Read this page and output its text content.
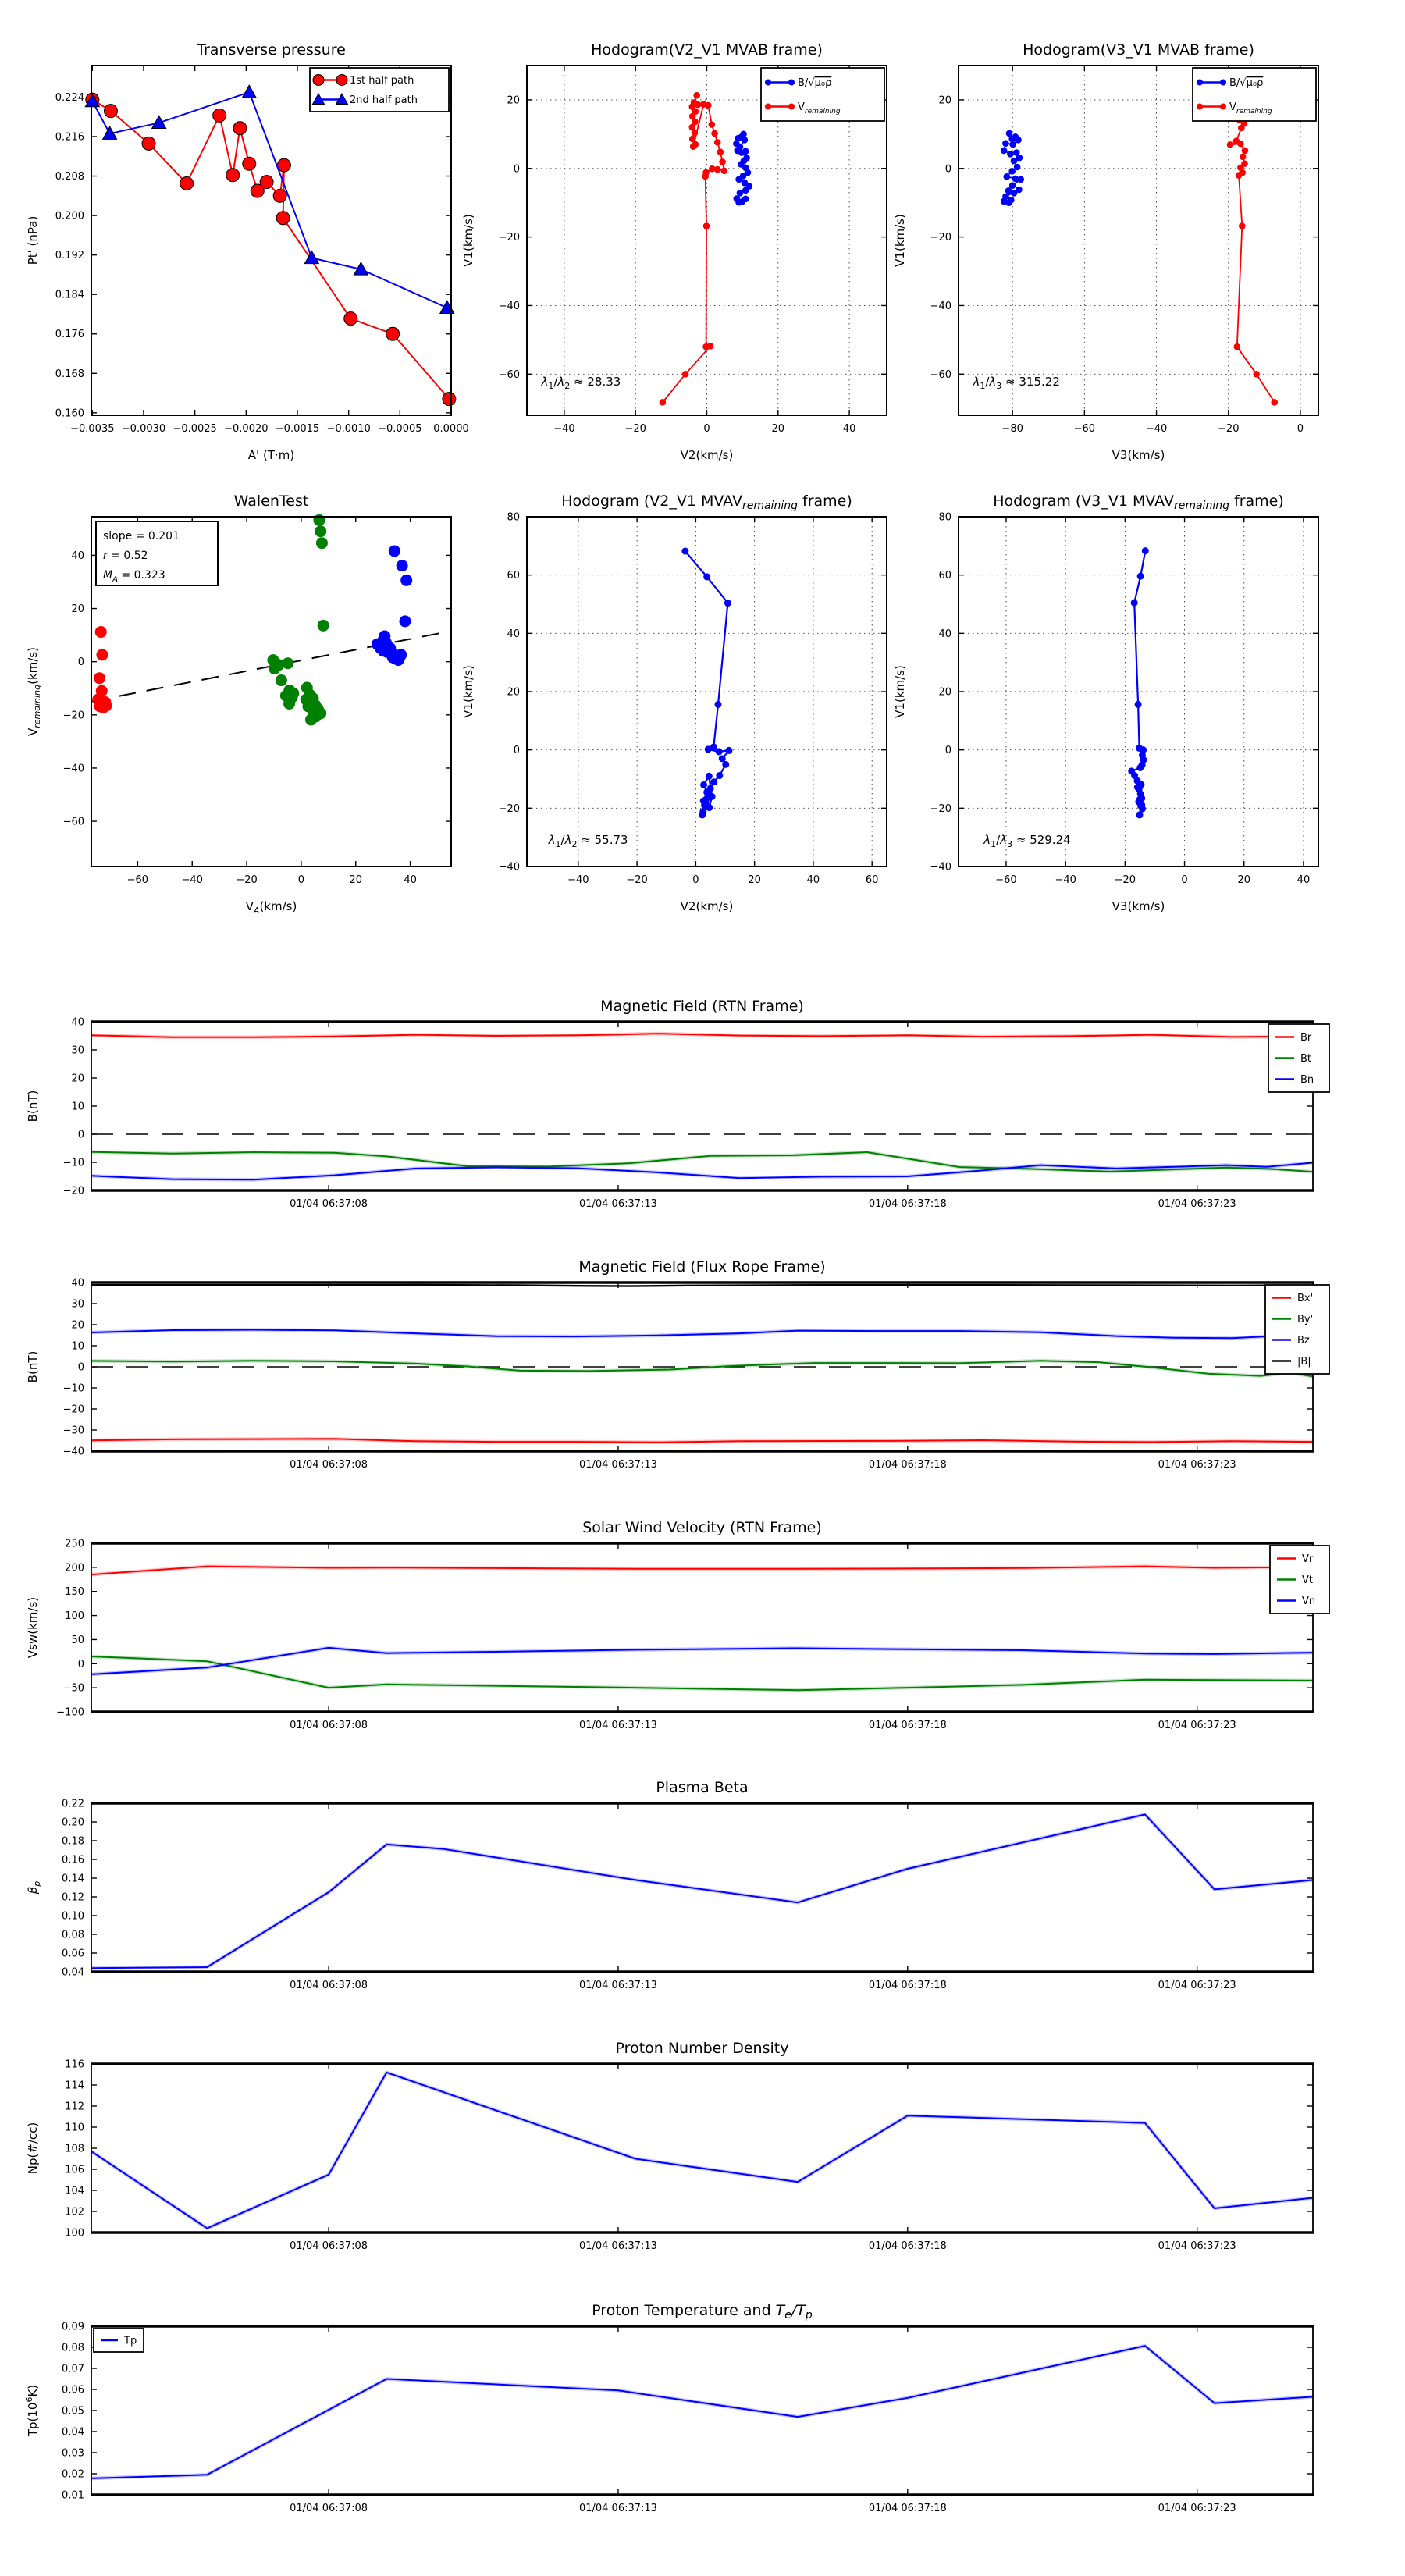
−0.0035 −0.0030 −0.0025 −0.0020 −0.0015 −0.0010 −0.0005 0.0000
0.160
0.168
0.176
0.184
0.192
0.200
0.208
0.216
0.224
Transverse pressure
A' (T·m)
Pt' (nPa)
1st half path
2nd half path
−40	−20	0	20	40
20
0
−20
−40
−60
Hodogram(V2_V1 MVAB frame)
V2(km/s)
V1(km/s)
B/√μ₀ρ
$V_{remaining}$
$\lambda_1/\lambda_2 \approx 28.33$
−80	−60	−40	−20	0
20
0
−20
−40
−60
Hodogram(V3_V1 MVAB frame)
V3(km/s)
V1(km/s)
B/√μ₀ρ
$V_{remaining}$
$\lambda_1/\lambda_3 \approx 315.22$
−60	−40	−20	0	20	40
40
20
0
−20
−40
−60
WalenTest
$V_A(km/s)$
$V_{remaining}(km/s)$
slope = 0.201
r = 0.52
$M_A = 0.323$
−40	−20	0	20	40	60
80
60
40
20
0
−20
−40
Hodogram (V2_V1 $MVAV_{remaining}$ frame)
V2(km/s)
V1(km/s)
$\lambda_1/\lambda_2 \approx 55.73$
−60	−40	−20	0	20	40
80
60
40
20
0
−20
−40
Hodogram (V3_V1 $MVAV_{remaining}$ frame)
V3(km/s)
V1(km/s)
$\lambda_1/\lambda_3 \approx 529.24$
01/04 06:37:08	01/04 06:37:13	01/04 06:37:18	01/04 06:37:23
−20
−10
0
10
20
30
40
Magnetic Field (RTN Frame)
B(nT)
Br
Bt
Bn
01/04 06:37:08	01/04 06:37:13	01/04 06:37:18	01/04 06:37:23
−40
−30
−20
−10
0
10
20
30
40
Magnetic Field (Flux Rope Frame)
B(nT)
Bx'
By'
Bz'
|B|
01/04 06:37:08	01/04 06:37:13	01/04 06:37:18	01/04 06:37:23
−100
−50
0
50
100
150
200
250
Solar Wind Velocity (RTN Frame)
Vsw(km/s)
Vr
Vt
Vn
01/04 06:37:08	01/04 06:37:13	01/04 06:37:18	01/04 06:37:23
0.04
0.06
0.08
0.10
0.12
0.14
0.16
0.18
0.20
0.22
Plasma Beta
$\beta_p$
01/04 06:37:08	01/04 06:37:13	01/04 06:37:18	01/04 06:37:23
100
102
104
106
108
110
112
114
116
Proton Number Density
Np(#/cc)
01/04 06:37:08	01/04 06:37:13	01/04 06:37:18	01/04 06:37:23
0.01
0.02
0.03
0.04
0.05
0.06
0.07
0.08
0.09
Proton Temperature and $T_e/T_p$
$Tp(10^6K)$
Tp
